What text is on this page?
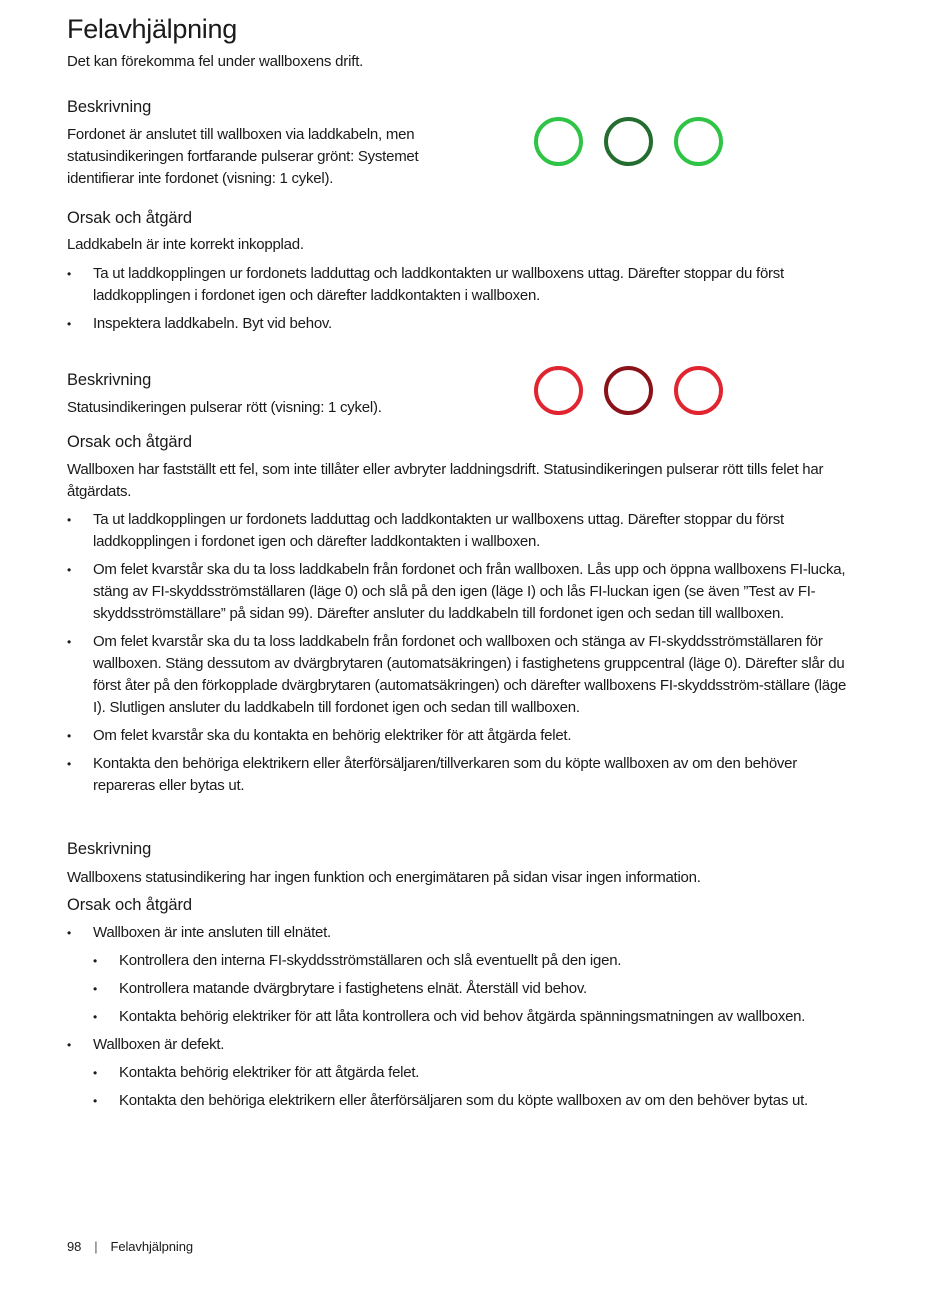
Felavhjälpning

Det kan förekomma fel under wallboxens drift.

Beskrivning

Fordonet är anslutet till wallboxen via laddkabeln, men statusindikeringen fortfarande pulserar grönt: Systemet identifierar inte fordonet (visning: 1 cykel).

Orsak och åtgärd

Laddkabeln är inte korrekt inkopplad.

• Ta ut laddkopplingen ur fordonets ladduttag och laddkontakten ur wallboxens uttag. Därefter stoppar du först laddkopplingen i fordonet igen och därefter laddkontakten i wallboxen.
• Inspektera laddkabeln. Byt vid behov.

Beskrivning

Statusindikeringen pulserar rött (visning: 1 cykel).

Orsak och åtgärd

Wallboxen har fastställt ett fel, som inte tillåter eller avbryter laddningsdrift. Statusindikeringen pulserar rött tills felet har åtgärdats.

• Ta ut laddkopplingen ur fordonets ladduttag och laddkontakten ur wallboxens uttag. Därefter stoppar du först laddkopplingen i fordonet igen och därefter laddkontakten i wallboxen.
• Om felet kvarstår ska du ta loss laddkabeln från fordonet och från wallboxen. Lås upp och öppna wallboxens FI-lucka, stäng av FI-skyddsströmställaren (läge 0) och slå på den igen (läge I) och lås FI-luckan igen (se även ”Test av FI-skyddsströmställare” på sidan 99). Därefter ansluter du laddkabeln till fordonet igen och sedan till wallboxen.
• Om felet kvarstår ska du ta loss laddkabeln från fordonet och wallboxen och stänga av FI-skyddsströmställaren för wallboxen. Stäng dessutom av dvärgbrytaren (automatsäkringen) i fastighetens gruppcentral (läge 0). Därefter slår du först åter på den förkopplade dvärgbrytaren (automatsäkringen) och därefter wallboxens FI-skyddsström-ställare (läge I). Slutligen ansluter du laddkabeln till fordonet igen och sedan till wallboxen.
• Om felet kvarstår ska du kontakta en behörig elektriker för att åtgärda felet.
• Kontakta den behöriga elektrikern eller återförsäljaren/tillverkaren som du köpte wallboxen av om den behöver repareras eller bytas ut.

Beskrivning

Wallboxens statusindikering har ingen funktion och energimätaren på sidan visar ingen information.

Orsak och åtgärd

• Wallboxen är inte ansluten till elnätet.
• Kontrollera den interna FI-skyddsströmställaren och slå eventuellt på den igen.
• Kontrollera matande dvärgbrytare i fastighetens elnät. Återställ vid behov.
• Kontakta behörig elektriker för att låta kontrollera och vid behov åtgärda spänningsmatningen av wallboxen.
• Wallboxen är defekt.
• Kontakta behörig elektriker för att åtgärda felet.
• Kontakta den behöriga elektrikern eller återförsäljaren som du köpte wallboxen av om den behöver bytas ut.
98 | Felavhjälpning
